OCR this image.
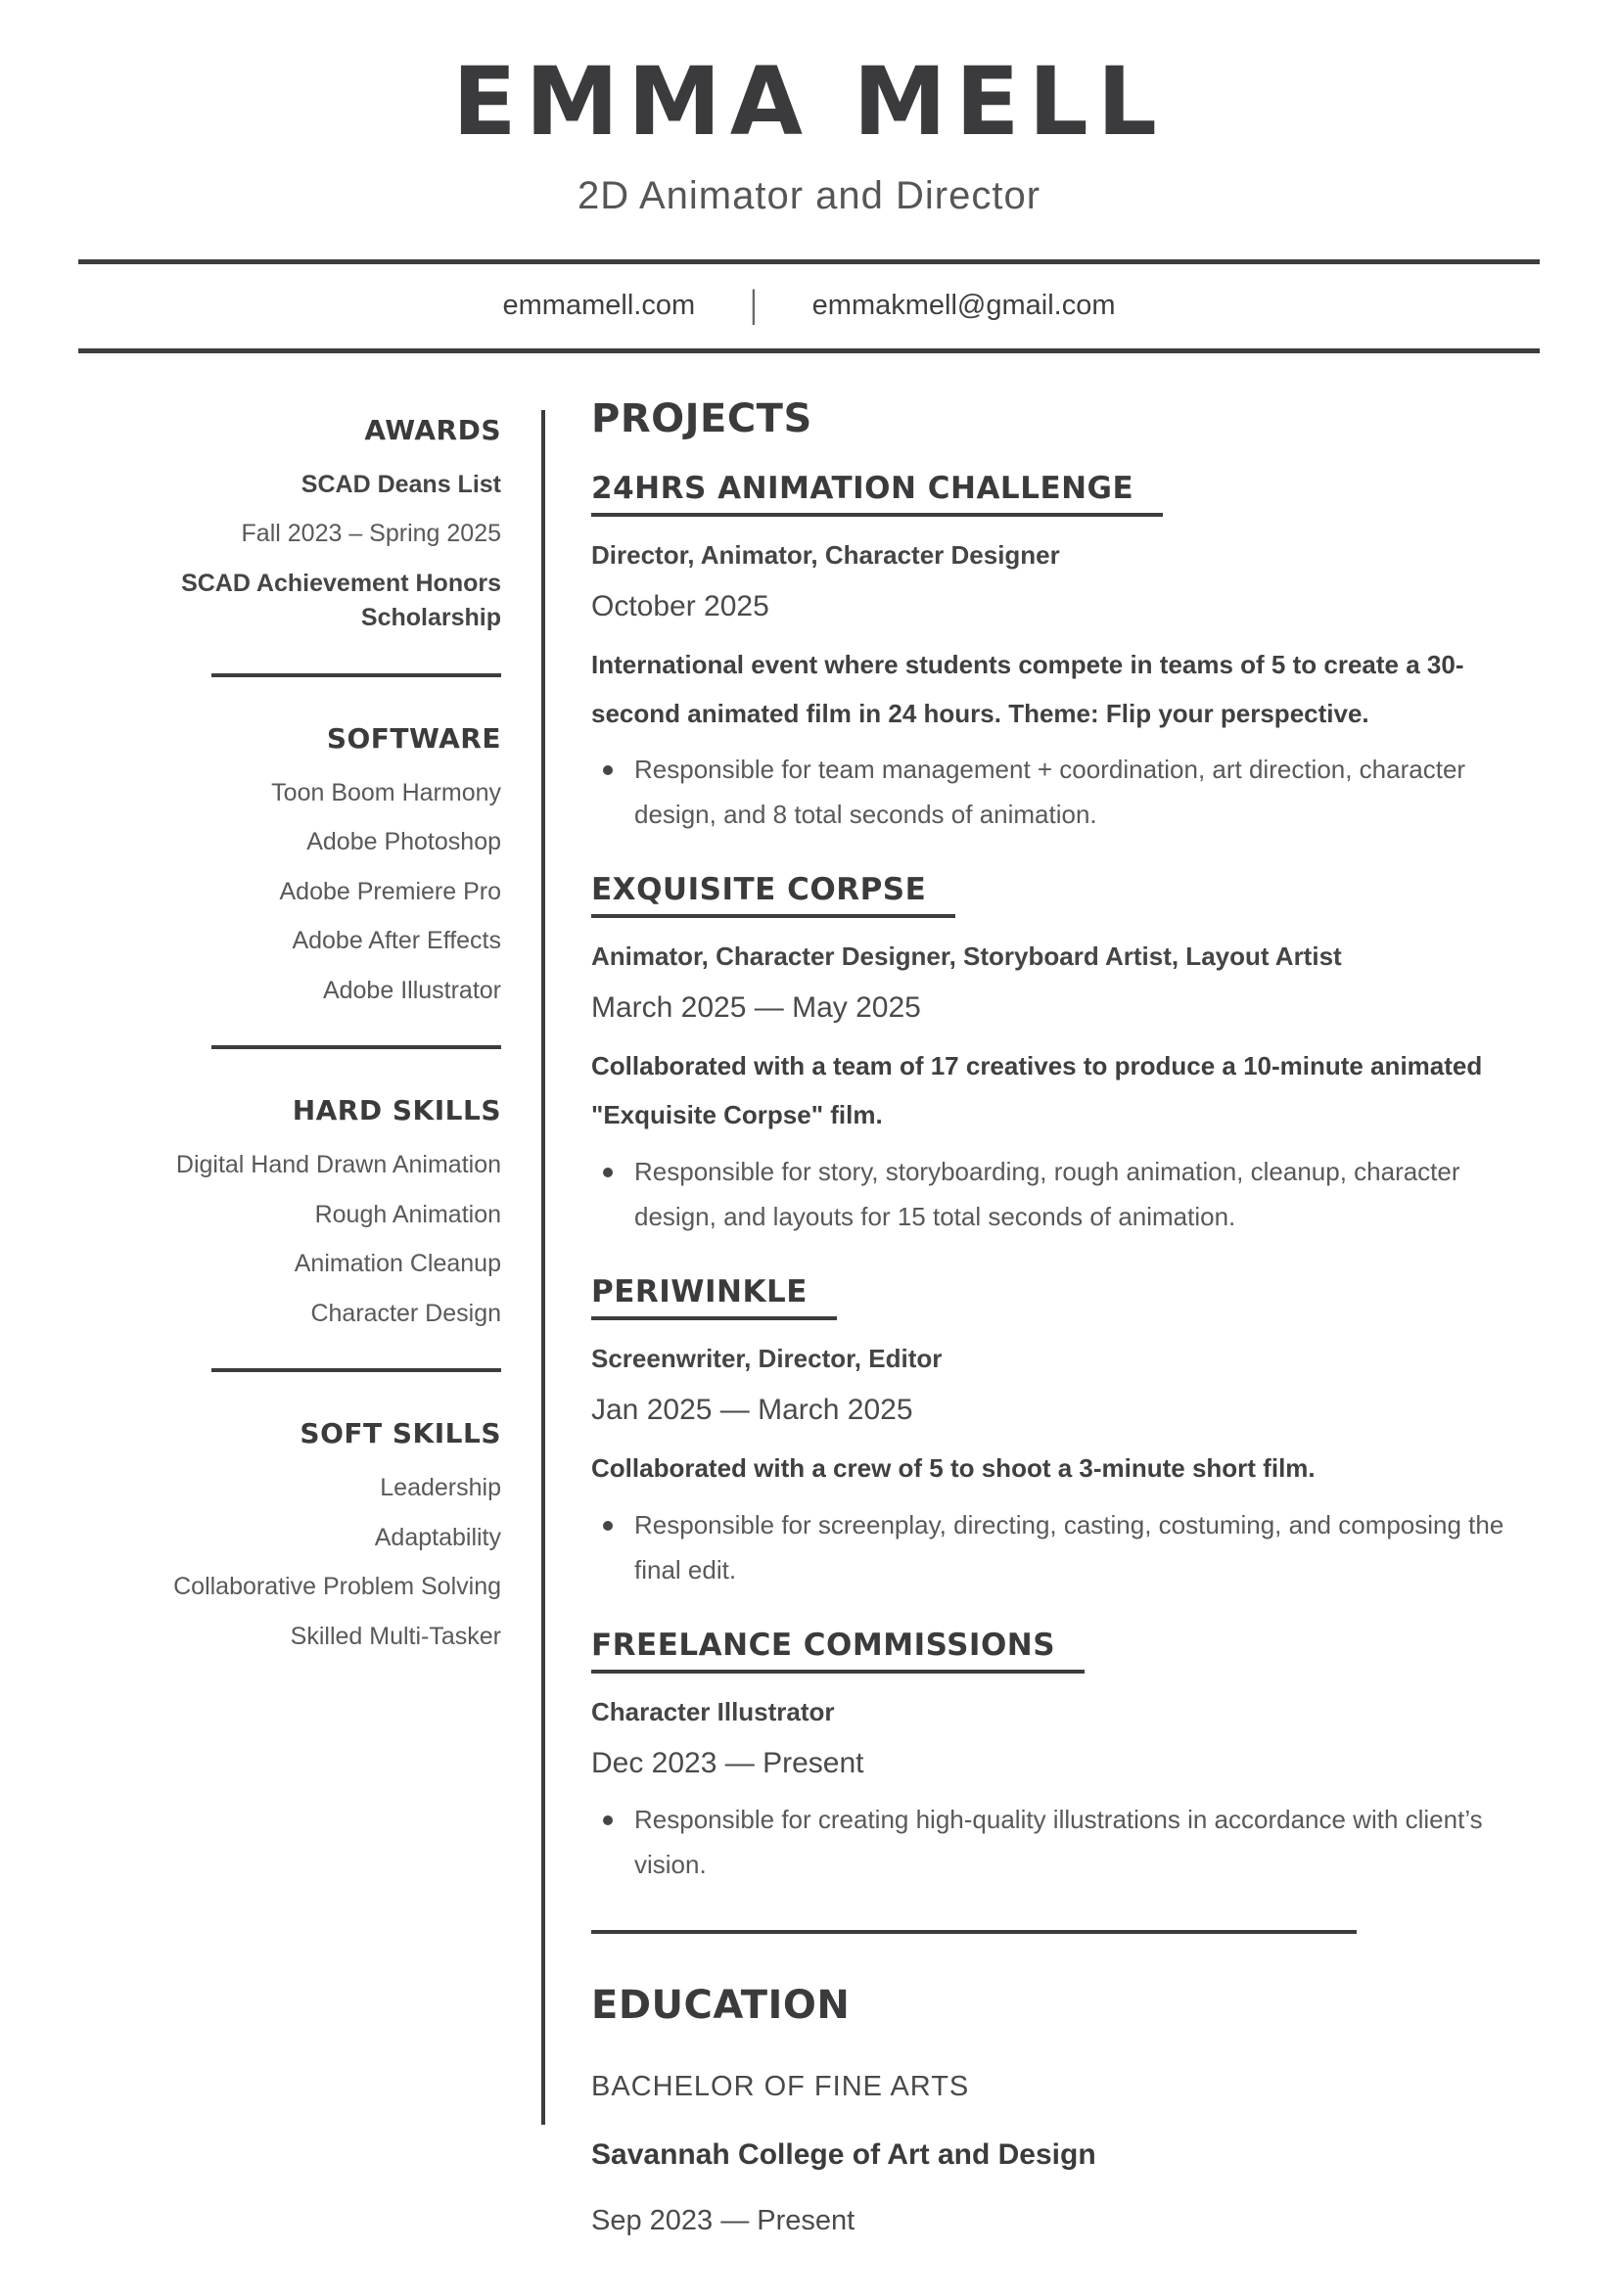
EMMA MELL
2D Animator and Director
emmamell.com | emmakmell@gmail.com
AWARDS
SCAD Deans List
Fall 2023 – Spring 2025
SCAD Achievement Honors Scholarship
SOFTWARE
Toon Boom Harmony
Adobe Photoshop
Adobe Premiere Pro
Adobe After Effects
Adobe Illustrator
HARD SKILLS
Digital Hand Drawn Animation
Rough Animation
Animation Cleanup
Character Design
SOFT SKILLS
Leadership
Adaptability
Collaborative Problem Solving
Skilled Multi-Tasker
PROJECTS
24HRS ANIMATION CHALLENGE
Director, Animator, Character Designer
October 2025

International event where students compete in teams of 5 to create a 30-second animated film in 24 hours. Theme: Flip your perspective.

Responsible for team management + coordination, art direction, character design, and 8 total seconds of animation.
EXQUISITE CORPSE
Animator, Character Designer, Storyboard Artist, Layout Artist
March 2025 — May 2025

Collaborated with a team of 17 creatives to produce a 10-minute animated "Exquisite Corpse" film.

Responsible for story, storyboarding, rough animation, cleanup, character design, and layouts for 15 total seconds of animation.
PERIWINKLE
Screenwriter, Director, Editor
Jan 2025 — March 2025

Collaborated with a crew of 5 to shoot a 3-minute short film.

Responsible for screenplay, directing, casting, costuming, and composing the final edit.
FREELANCE COMMISSIONS
Character Illustrator
Dec 2023 — Present
Responsible for creating high-quality illustrations in accordance with client’s vision.
EDUCATION
BACHELOR OF FINE ARTS
Savannah College of Art and Design
Sep 2023 — Present
